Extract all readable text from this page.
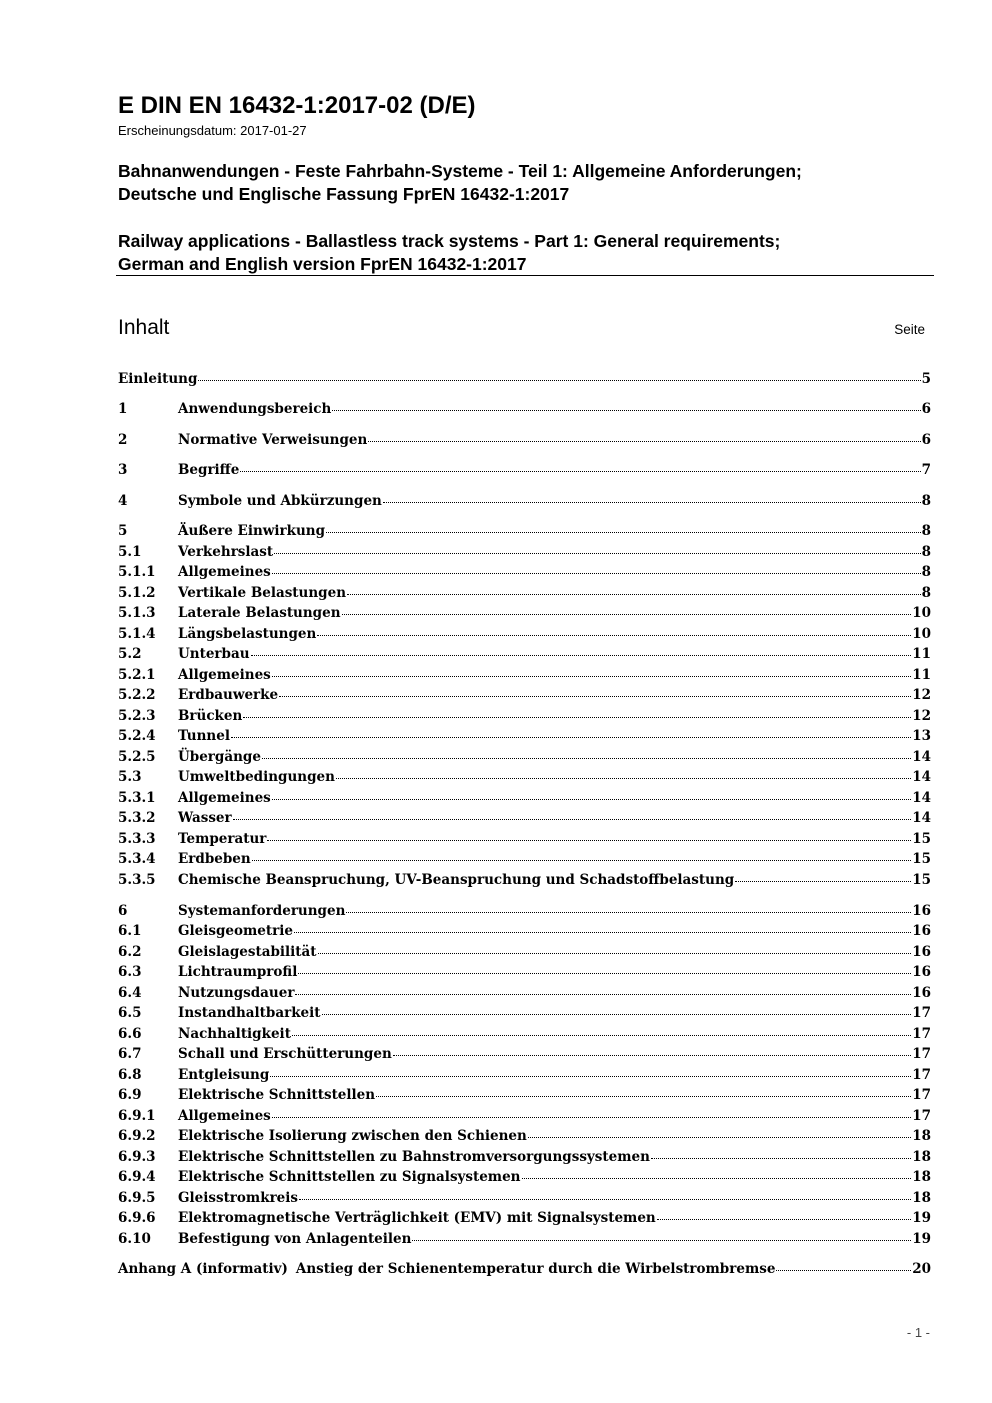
E DIN EN 16432-1:2017-02 (D/E)
Erscheinungsdatum: 2017-01-27
Bahnanwendungen - Feste Fahrbahn-Systeme - Teil 1: Allgemeine Anforderungen;
Deutsche und Englische Fassung FprEN 16432-1:2017
Railway applications - Ballastless track systems - Part 1: General requirements;
German and English version FprEN 16432-1:2017
Inhalt	Seite
Einleitung	5
1	Anwendungsbereich	6
2	Normative Verweisungen	6
3	Begriffe	7
4	Symbole und Abkürzungen	8
5	Äußere Einwirkung	8
5.1	Verkehrslast	8
5.1.1	Allgemeines	8
5.1.2	Vertikale Belastungen	8
5.1.3	Laterale Belastungen	10
5.1.4	Längsbelastungen	10
5.2	Unterbau	11
5.2.1	Allgemeines	11
5.2.2	Erdbauwerke	12
5.2.3	Brücken	12
5.2.4	Tunnel	13
5.2.5	Übergänge	14
5.3	Umweltbedingungen	14
5.3.1	Allgemeines	14
5.3.2	Wasser	14
5.3.3	Temperatur	15
5.3.4	Erdbeben	15
5.3.5	Chemische Beanspruchung, UV-Beanspruchung und Schadstoffbelastung	15
6	Systemanforderungen	16
6.1	Gleisgeometrie	16
6.2	Gleislagestabilität	16
6.3	Lichtraumprofil	16
6.4	Nutzungsdauer	16
6.5	Instandhaltbarkeit	17
6.6	Nachhaltigkeit	17
6.7	Schall und Erschütterungen	17
6.8	Entgleisung	17
6.9	Elektrische Schnittstellen	17
6.9.1	Allgemeines	17
6.9.2	Elektrische Isolierung zwischen den Schienen	18
6.9.3	Elektrische Schnittstellen zu Bahnstromversorgungssystemen	18
6.9.4	Elektrische Schnittstellen zu Signalsystemen	18
6.9.5	Gleisstromkreis	18
6.9.6	Elektromagnetische Verträglichkeit (EMV) mit Signalsystemen	19
6.10	Befestigung von Anlagenteilen	19
Anhang A (informativ) Anstieg der Schienentemperatur durch die Wirbelstrombremse	20
- 1 -
